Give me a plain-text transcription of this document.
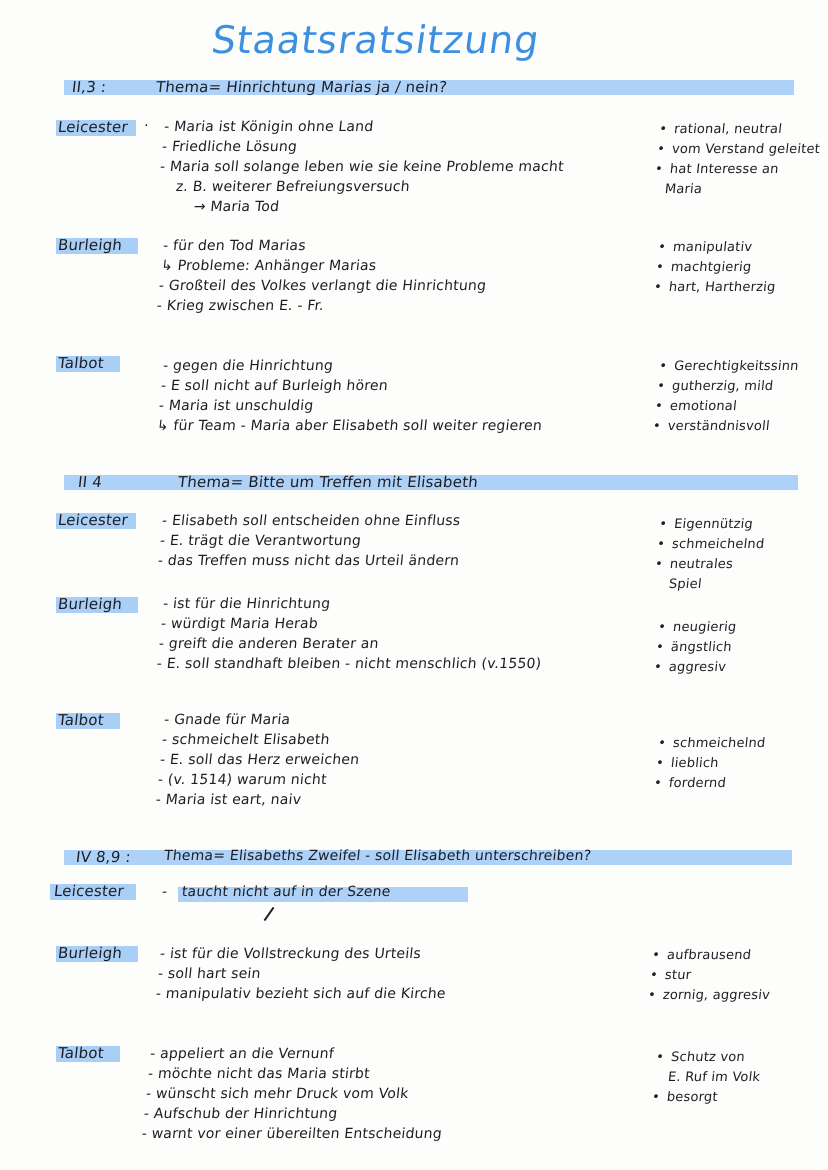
Staatsratsitzung
II,3 :	Thema= Hinrichtung Marias ja / nein?
Leicester · - Maria ist Königin ohne Land
- Friedliche Lösung
- Maria soll solange leben wie sie keine Probleme macht
z. B. weiterer Befreiungsversuch
→ Maria Tod
• rational, neutral
• vom Verstand geleitet
• hat Interesse an
Maria
Burleigh	- für den Tod Marias
↳ Probleme: Anhänger Marias
- Großteil des Volkes verlangt die Hinrichtung
- Krieg zwischen E. - Fr.
• manipulativ
• machtgierig
• hart, Hartherzig
Talbot	- gegen die Hinrichtung
- E soll nicht auf Burleigh hören
- Maria ist unschuldig
↳ für Team - Maria aber Elisabeth soll weiter regieren
• Gerechtigkeitssinn
• gutherzig, mild
• emotional
• verständnisvoll
II 4	Thema= Bitte um Treffen mit Elisabeth
Leicester - Elisabeth soll entscheiden ohne Einfluss
- E. trägt die Verantwortung
- das Treffen muss nicht das Urteil ändern
• Eigennützig
• schmeichelnd
• neutrales
Spiel
Burleigh	- ist für die Hinrichtung
- würdigt Maria Herab
- greift die anderen Berater an
- E. soll standhaft bleiben - nicht menschlich (v.1550)
• neugierig
• ängstlich
• aggresiv
Talbot	- Gnade für Maria
- schmeichelt Elisabeth
- E. soll das Herz erweichen
- (v. 1514) warum nicht
- Maria ist eart, naiv
• schmeichelnd
• lieblich
• fordernd
IV 8,9 : Thema= Elisabeths Zweifel - soll Elisabeth unterschreiben?
Leicester	- taucht nicht auf in der Szene
Burleigh	- ist für die Vollstreckung des Urteils
- soll hart sein
- manipulativ bezieht sich auf die Kirche
• aufbrausend
• stur
• zornig, aggresiv
Talbot	- appeliert an die Vernunf
- möchte nicht das Maria stirbt
- wünscht sich mehr Druck vom Volk
- Aufschub der Hinrichtung
- warnt vor einer übereilten Entscheidung
• Schutz von
E. Ruf im Volk
• besorgt
